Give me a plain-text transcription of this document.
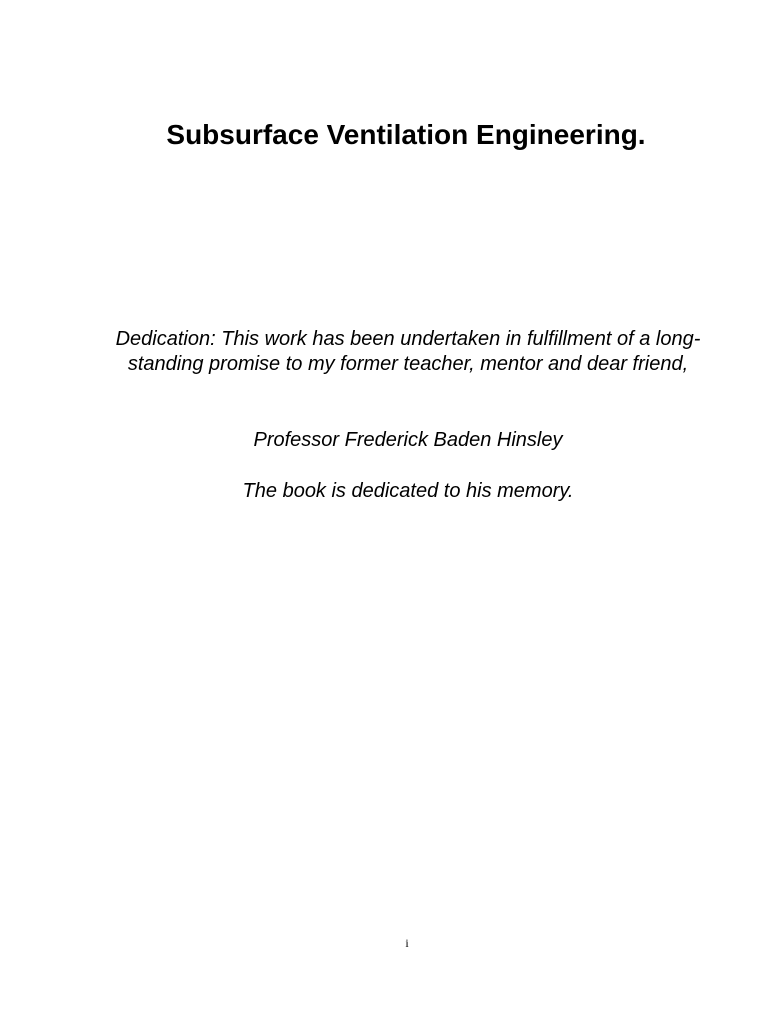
Subsurface Ventilation Engineering.

Dedication: This work has been undertaken in fulfillment of a long-standing promise to my former teacher, mentor and dear friend,

Professor Frederick Baden Hinsley

The book is dedicated to his memory.

i
